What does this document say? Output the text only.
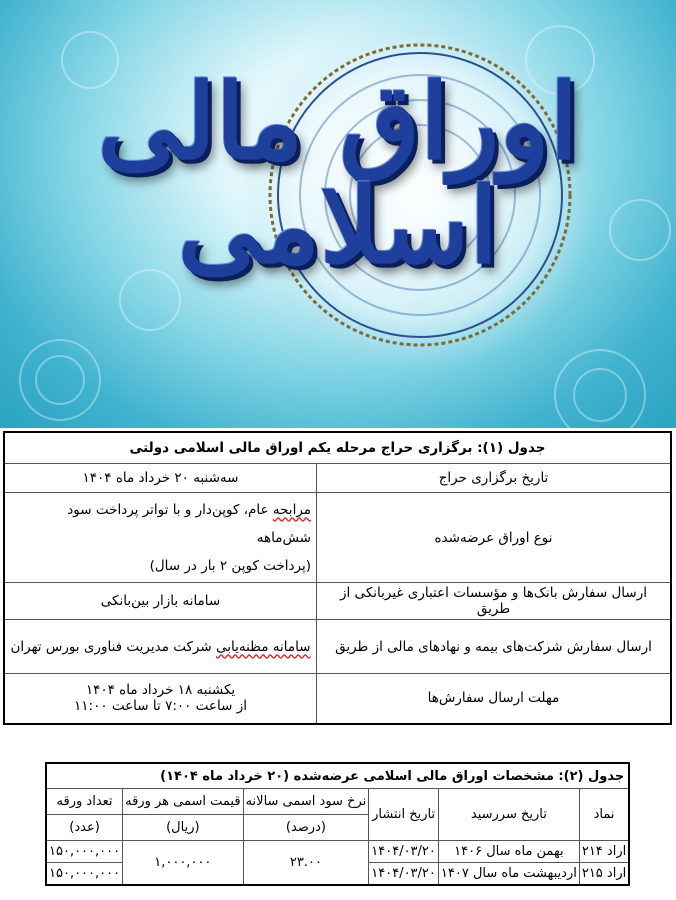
اوراق مالی اسلامی
جدول (۱): برگزاری حراج مرحله یکم اوراق مالی اسلامی دولتی	
تاریخ برگزاری حراج	سه‌شنبه ۲۰ خرداد ماه ۱۴۰۴
نوع اوراق عرضه‌شده	مرابحه عام، کوپن‌دار و با تواتر پرداخت سود شش‌ماهه
(پرداخت کوپن ۲ بار در سال)
ارسال سفارش بانک‌ها و مؤسسات اعتباری غیربانکی از طریق	سامانه بازار بین‌بانکی
ارسال سفارش شرکت‌های بیمه و نهادهای مالی از طریق	سامانه مظنه‌یابی شرکت مدیریت فناوری بورس تهران
مهلت ارسال سفارش‌ها	یکشنبه ۱۸ خرداد ماه ۱۴۰۴
از ساعت ۷:۰۰ تا ساعت ۱۱:۰۰
جدول (۲): مشخصات اوراق مالی اسلامی عرضه‌شده (۲۰ خرداد ماه ۱۴۰۴)					
نماد	تاریخ سررسید	تاریخ انتشار	نرخ سود اسمی سالانه	قیمت اسمی هر ورقه	تعداد ورقه
			(درصد)	(ریال)	(عدد)
اراد ۲۱۴	بهمن ماه سال ۱۴۰۶	۱۴۰۴/۰۳/۲۰	۲۳.۰۰	۱,۰۰۰,۰۰۰	۱۵۰,۰۰۰,۰۰۰
اراد ۲۱۵	اردیبهشت ماه سال ۱۴۰۷	۱۴۰۴/۰۳/۲۰			۱۵۰,۰۰۰,۰۰۰
